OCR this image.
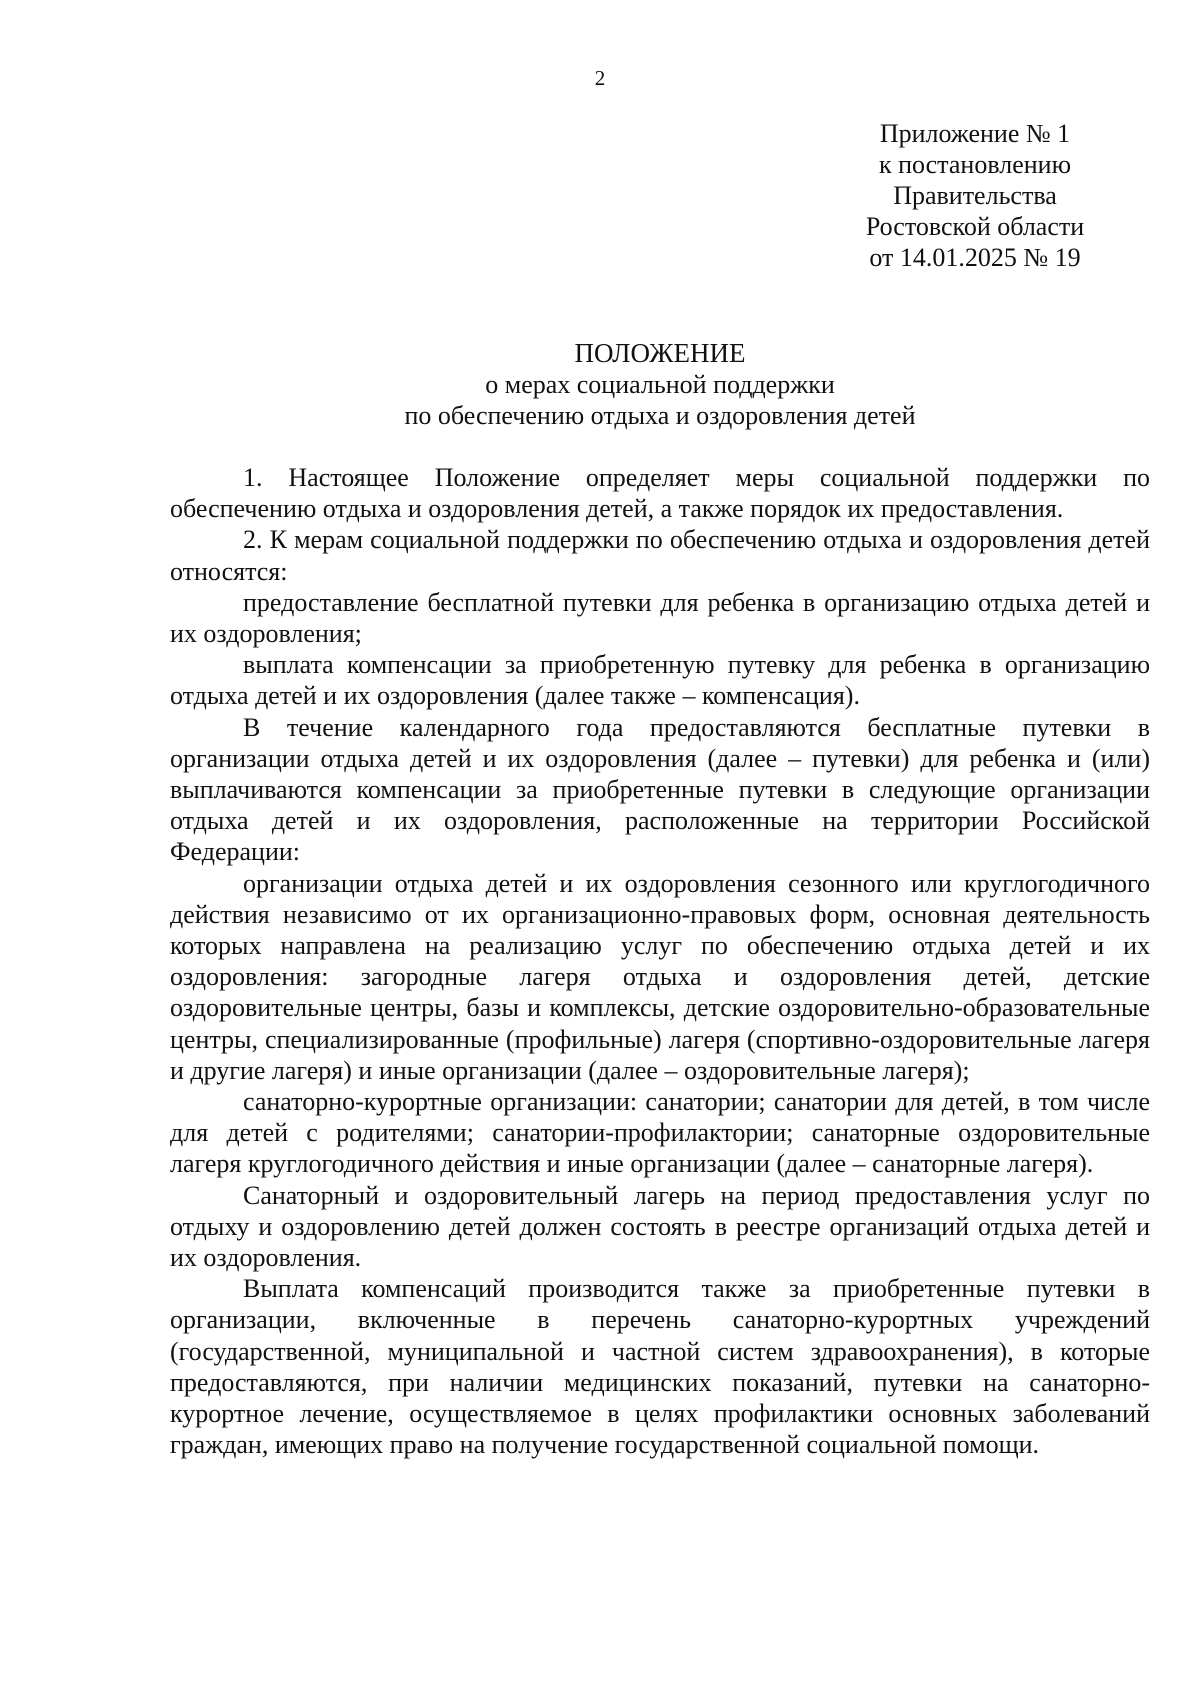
2
Приложение № 1
к постановлению
Правительства
Ростовской области
от 14.01.2025 № 19
ПОЛОЖЕНИЕ
о мерах социальной поддержки
по обеспечению отдыха и оздоровления детей

1. Настоящее Положение определяет меры социальной поддержки по обеспечению отдыха и оздоровления детей, а также порядок их предоставления.

2. К мерам социальной поддержки по обеспечению отдыха и оздоровления детей относятся:

предоставление бесплатной путевки для ребенка в организацию отдыха детей и их оздоровления;

выплата компенсации за приобретенную путевку для ребенка в организацию отдыха детей и их оздоровления (далее также – компенсация).

В течение календарного года предоставляются бесплатные путевки в организации отдыха детей и их оздоровления (далее – путевки) для ребенка и (или) выплачиваются компенсации за приобретенные путевки в следующие организации отдыха детей и их оздоровления, расположенные на территории Российской Федерации:

организации отдыха детей и их оздоровления сезонного или круглогодичного действия независимо от их организационно-правовых форм, основная деятельность которых направлена на реализацию услуг по обеспечению отдыха детей и их оздоровления: загородные лагеря отдыха и оздоровления детей, детские оздоровительные центры, базы и комплексы, детские оздоровительно-образовательные центры, специализированные (профильные) лагеря (спортивно-оздоровительные лагеря и другие лагеря) и иные организации (далее – оздоровительные лагеря);

санаторно-курортные организации: санатории; санатории для детей, в том числе для детей с родителями; санатории-профилактории; санаторные оздоровительные лагеря круглогодичного действия и иные организации (далее – санаторные лагеря).

Санаторный и оздоровительный лагерь на период предоставления услуг по отдыху и оздоровлению детей должен состоять в реестре организаций отдыха детей и их оздоровления.

Выплата компенсаций производится также за приобретенные путевки в организации, включенные в перечень санаторно-курортных учреждений (государственной, муниципальной и частной систем здравоохранения), в которые предоставляются, при наличии медицинских показаний, путевки на санаторно-курортное лечение, осуществляемое в целях профилактики основных заболеваний граждан, имеющих право на получение государственной социальной помощи.
